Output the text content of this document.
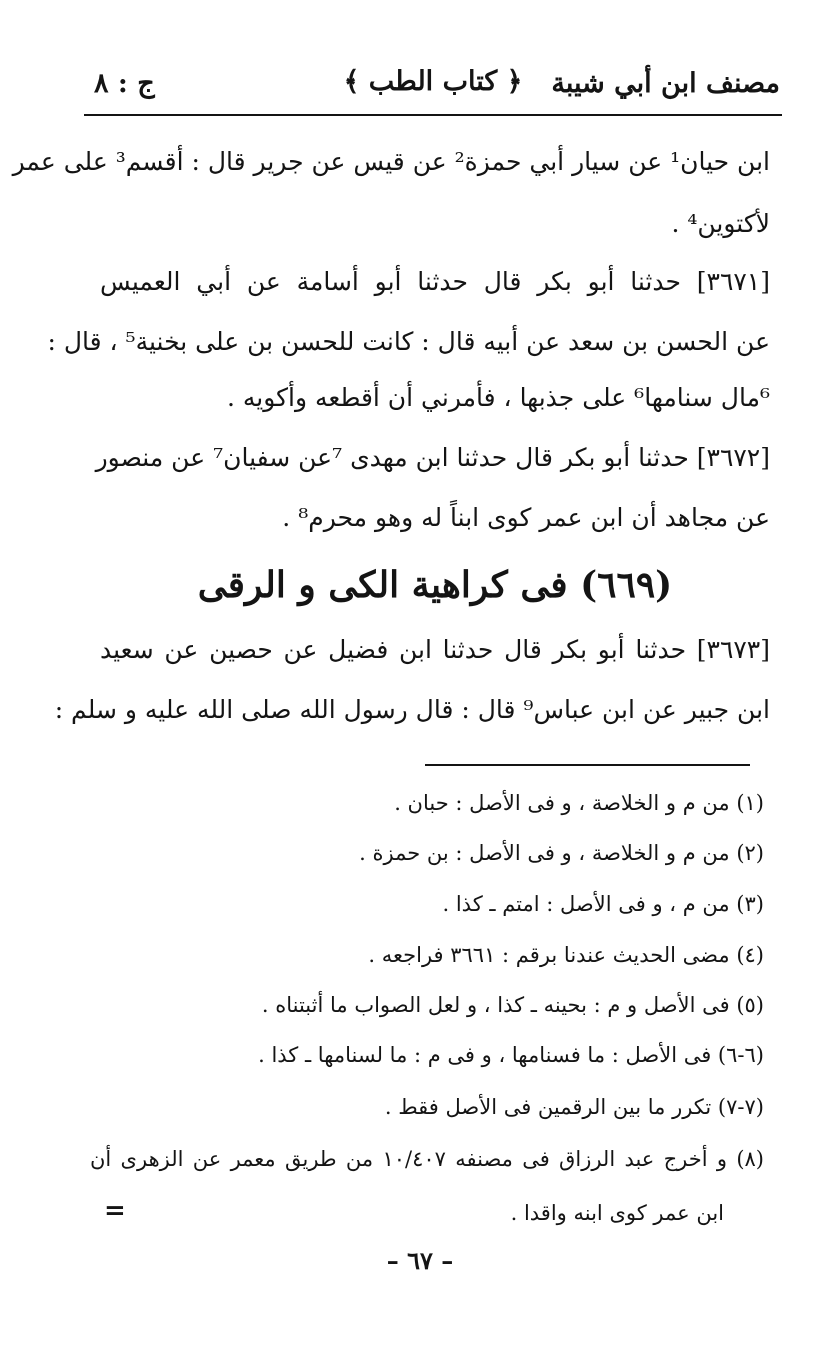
مصنف ابن أبي شيبة
﴿ كتاب الطب ﴾
ج : ٨
ابن حيان¹ عن سيار أبي حمزة² عن قيس عن جرير قال : أقسم³ على عمر
لأكتوين⁴ .
[٣٦٧١] حدثنا أبو بكر قال حدثنا أبو أسامة عن أبي العميس
عن الحسن بن سعد عن أبيه قال : كانت للحسن بن على بخنية⁵ ، قال :
⁶مال سنامها⁶ على جذبها ، فأمرني أن أقطعه وأكويه .
[٣٦٧٢] حدثنا أبو بكر قال حدثنا ابن مهدى ⁷عن سفيان⁷ عن منصور
عن مجاهد أن ابن عمر كوى ابناً له وهو محرم⁸ .
(٦٦٩) فى كراهية الكى و الرقى
[٣٦٧٣] حدثنا أبو بكر قال حدثنا ابن فضيل عن حصين عن سعيد
ابن جبير عن ابن عباس⁹ قال : قال رسول الله صلى الله عليه و سلم :
(١) من م و الخلاصة ، و فى الأصل : حبان .
(٢) من م و الخلاصة ، و فى الأصل : بن حمزة .
(٣) من م ، و فى الأصل : امتم ـ كذا .
(٤) مضى الحديث عندنا برقم : ٣٦٦١ فراجعه .
(٥) فى الأصل و م : بحينه ـ كذا ، و لعل الصواب ما أثبتناه .
(٦-٦) فى الأصل : ما فسنامها ، و فى م : ما لسنامها ـ كذا .
(٧-٧) تكرر ما بين الرقمين فى الأصل فقط .
(٨) و أخرج عبد الرزاق فى مصنفه ١٠/٤٠٧ من طريق معمر عن الزهرى أن
ابن عمر كوى ابنه واقدا .
=
– ٦٧ –
